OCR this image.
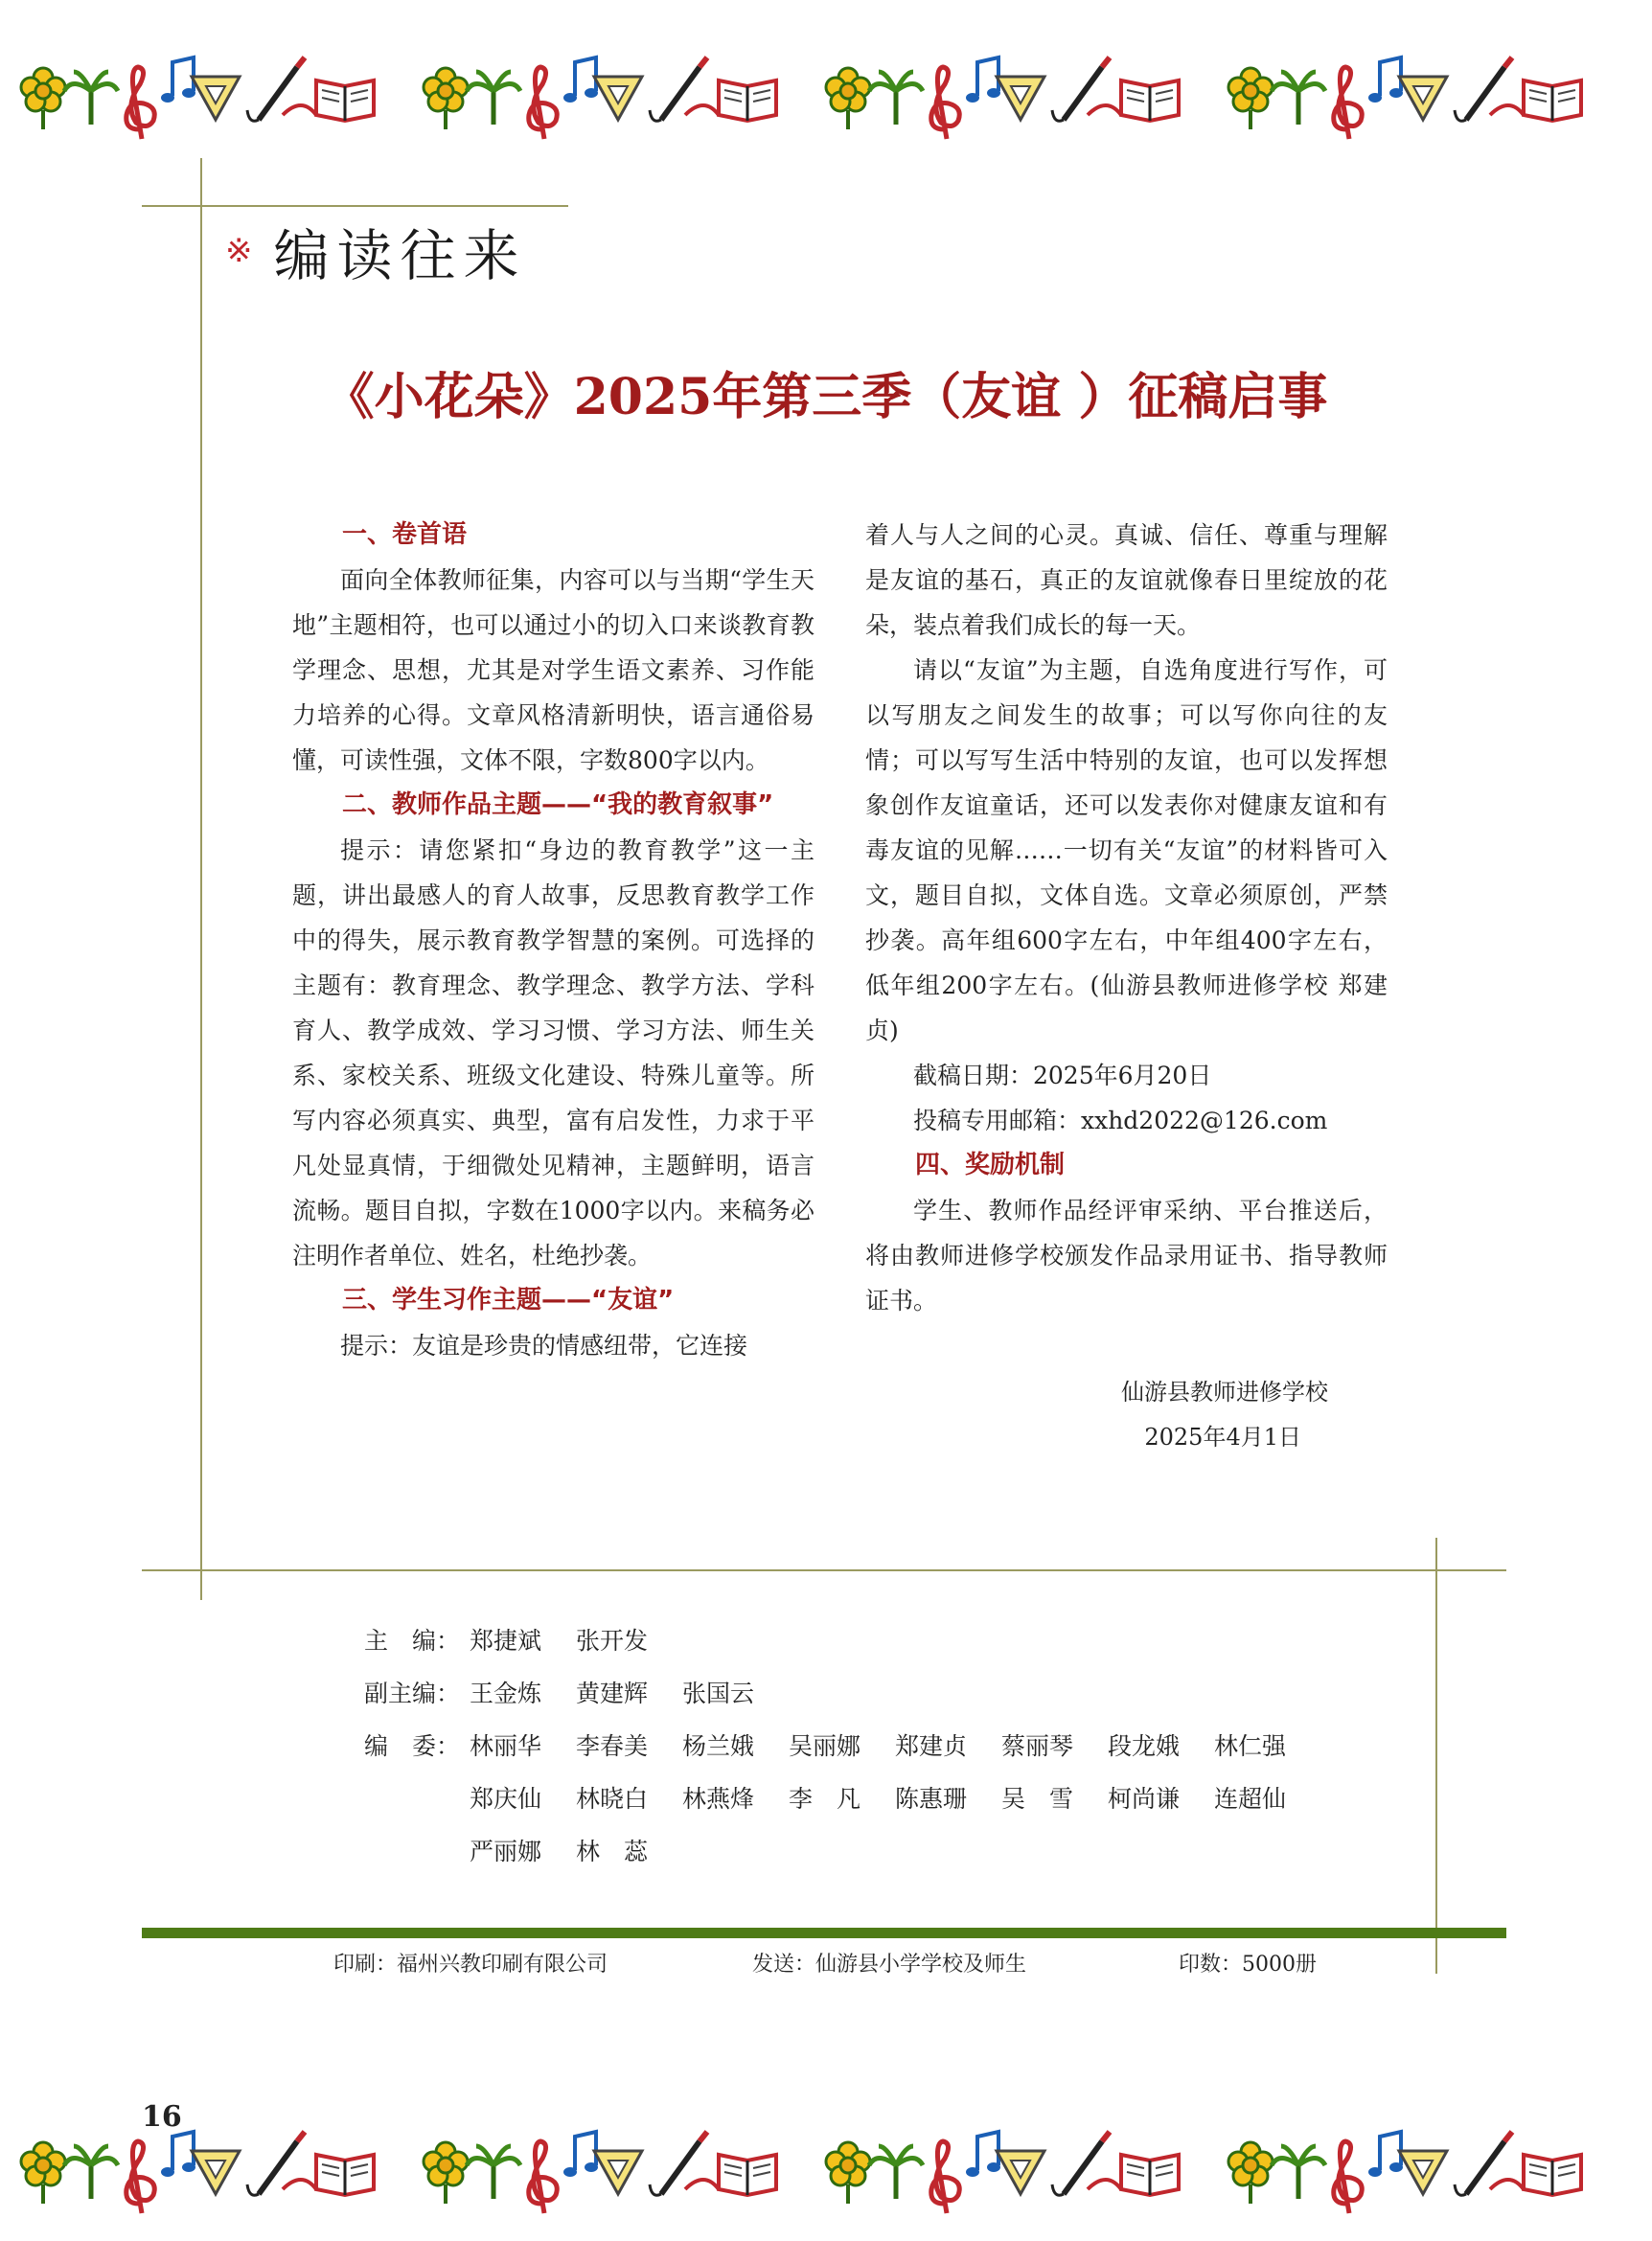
※ 编读往来
《小花朵》2025年第三季（友谊 ）征稿启事
一、卷首语

面向全体教师征集，内容可以与当期“学生天地”主题相符，也可以通过小的切入口来谈教育教学理念、思想，尤其是对学生语文素养、习作能力培养的心得。文章风格清新明快，语言通俗易懂，可读性强，文体不限，字数800字以内。

二、教师作品主题——“我的教育叙事”

提示：请您紧扣“身边的教育教学”这一主题，讲出最感人的育人故事，反思教育教学工作中的得失，展示教育教学智慧的案例。可选择的主题有：教育理念、教学理念、教学方法、学科育人、教学成效、学习习惯、学习方法、师生关系、家校关系、班级文化建设、特殊儿童等。所写内容必须真实、典型，富有启发性，力求于平凡处显真情，于细微处见精神，主题鲜明，语言流畅。题目自拟，字数在1000字以内。来稿务必注明作者单位、姓名，杜绝抄袭。

三、学生习作主题——“友谊”

提示：友谊是珍贵的情感纽带，它连接

着人与人之间的心灵。真诚、信任、尊重与理解是友谊的基石，真正的友谊就像春日里绽放的花朵，装点着我们成长的每一天。

请以“友谊”为主题，自选角度进行写作，可以写朋友之间发生的故事；可以写你向往的友情；可以写写生活中特别的友谊，也可以发挥想象创作友谊童话，还可以发表你对健康友谊和有毒友谊的见解……一切有关“友谊”的材料皆可入文，题目自拟，文体自选。文章必须原创，严禁抄袭。高年组600字左右，中年组400字左右，低年组200字左右。(仙游县教师进修学校 郑建贞)

截稿日期：2025年6月20日

投稿专用邮箱：xxhd2022@126.com

四、奖励机制

学生、教师作品经评审采纳、平台推送后，将由教师进修学校颁发作品录用证书、指导教师证书。

仙游县教师进修学校
2025年4月1日
主　编： 郑捷斌	张开发
副主编： 王金炼	黄建辉	张国云
编　委： 林丽华	李春美	杨兰娥	吴丽娜	郑建贞	蔡丽琴	段龙娥	林仁强
郑庆仙	林晓白	林燕烽	李　凡	陈惠珊	吴　雪	柯尚谦	连超仙
严丽娜	林　蕊
印刷：福州兴教印刷有限公司	发送：仙游县小学学校及师生	印数：5000册
16
